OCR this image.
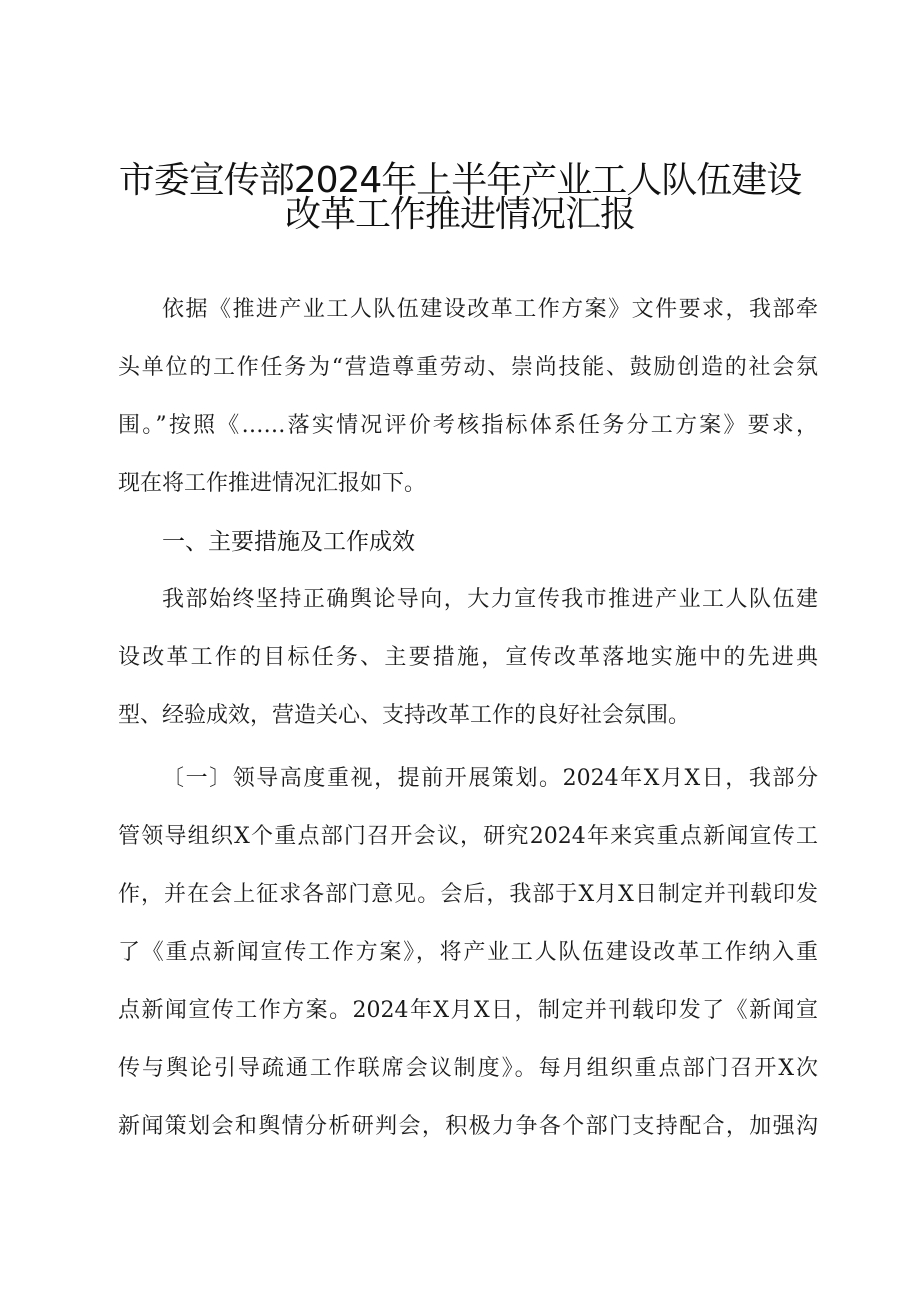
市委宣传部2024年上半年产业工人队伍建设
改革工作推进情况汇报
依据《推进产业工人队伍建设改革工作方案》文件要求，我部牵
头单位的工作任务为“营造尊重劳动、崇尚技能、鼓励创造的社会氛
围。”按照《……落实情况评价考核指标体系任务分工方案》要求，
现在将工作推进情况汇报如下。
一、主要措施及工作成效
我部始终坚持正确舆论导向，大力宣传我市推进产业工人队伍建
设改革工作的目标任务、主要措施，宣传改革落地实施中的先进典
型、经验成效，营造关心、支持改革工作的良好社会氛围。
〔一〕领导高度重视，提前开展策划。2024年X月X日，我部分
管领导组织X个重点部门召开会议，研究2024年来宾重点新闻宣传工
作，并在会上征求各部门意见。会后，我部于X月X日制定并刊载印发
了《重点新闻宣传工作方案》，将产业工人队伍建设改革工作纳入重
点新闻宣传工作方案。2024年X月X日，制定并刊载印发了《新闻宣
传与舆论引导疏通工作联席会议制度》。每月组织重点部门召开X次
新闻策划会和舆情分析研判会，积极力争各个部门支持配合，加强沟
